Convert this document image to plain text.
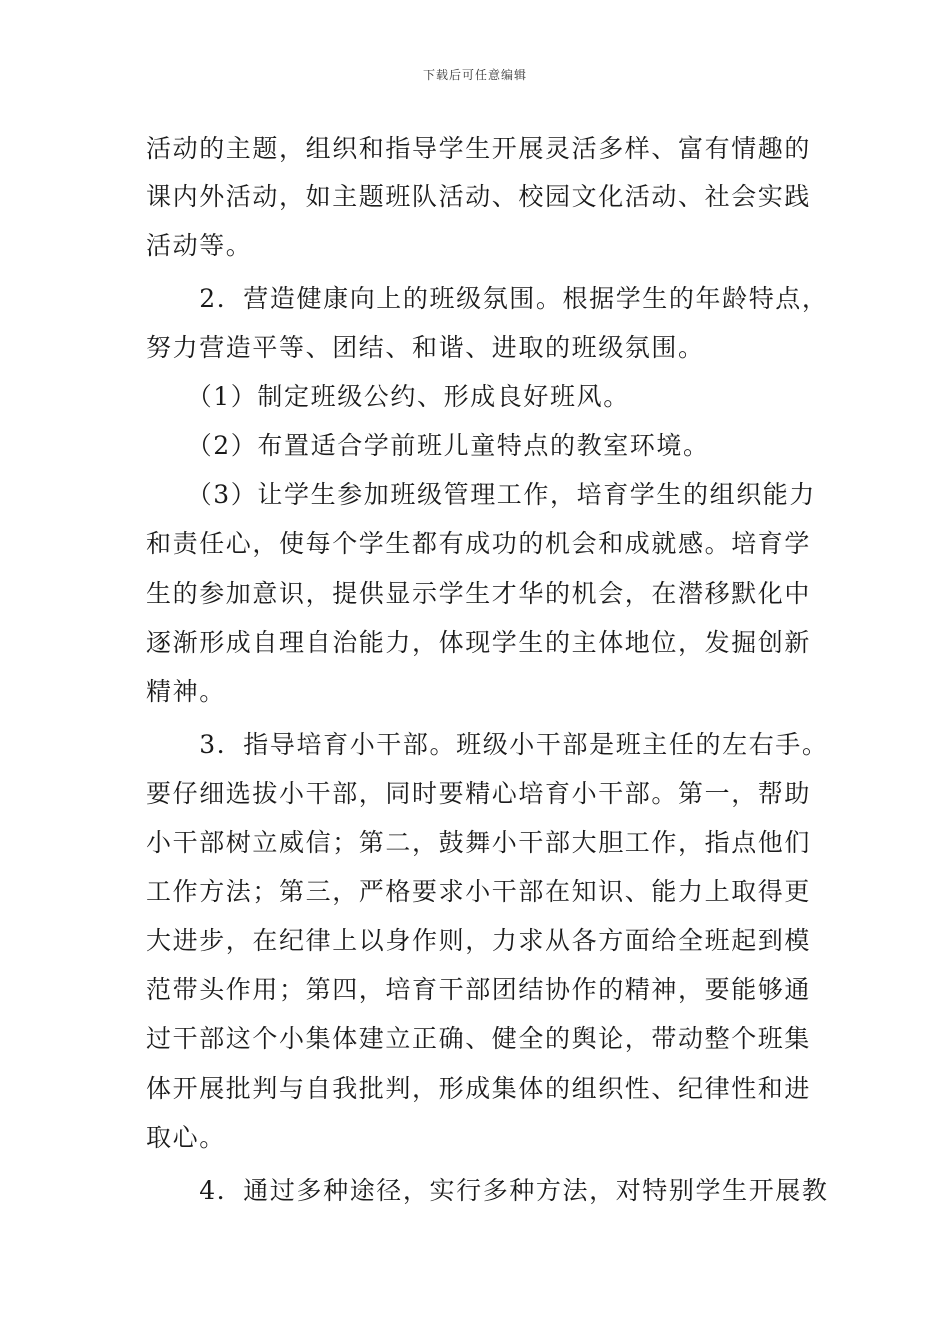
下载后可任意编辑
活动的主题，组织和指导学生开展灵活多样、富有情趣的
课内外活动，如主题班队活动、校园文化活动、社会实践
活动等。
　　2．营造健康向上的班级氛围。根据学生的年龄特点，
努力营造平等、团结、和谐、进取的班级氛围。
　　（1）制定班级公约、形成良好班风。
　　（2）布置适合学前班儿童特点的教室环境。
　　（3）让学生参加班级管理工作，培育学生的组织能力
和责任心，使每个学生都有成功的机会和成就感。培育学
生的参加意识，提供显示学生才华的机会，在潜移默化中
逐渐形成自理自治能力，体现学生的主体地位，发掘创新
精神。
　　3．指导培育小干部。班级小干部是班主任的左右手。
要仔细选拔小干部，同时要精心培育小干部。第一，帮助
小干部树立威信；第二，鼓舞小干部大胆工作，指点他们
工作方法；第三，严格要求小干部在知识、能力上取得更
大进步，在纪律上以身作则，力求从各方面给全班起到模
范带头作用；第四，培育干部团结协作的精神，要能够通
过干部这个小集体建立正确、健全的舆论，带动整个班集
体开展批判与自我批判，形成集体的组织性、纪律性和进
取心。
　　4．通过多种途径，实行多种方法，对特别学生开展教
